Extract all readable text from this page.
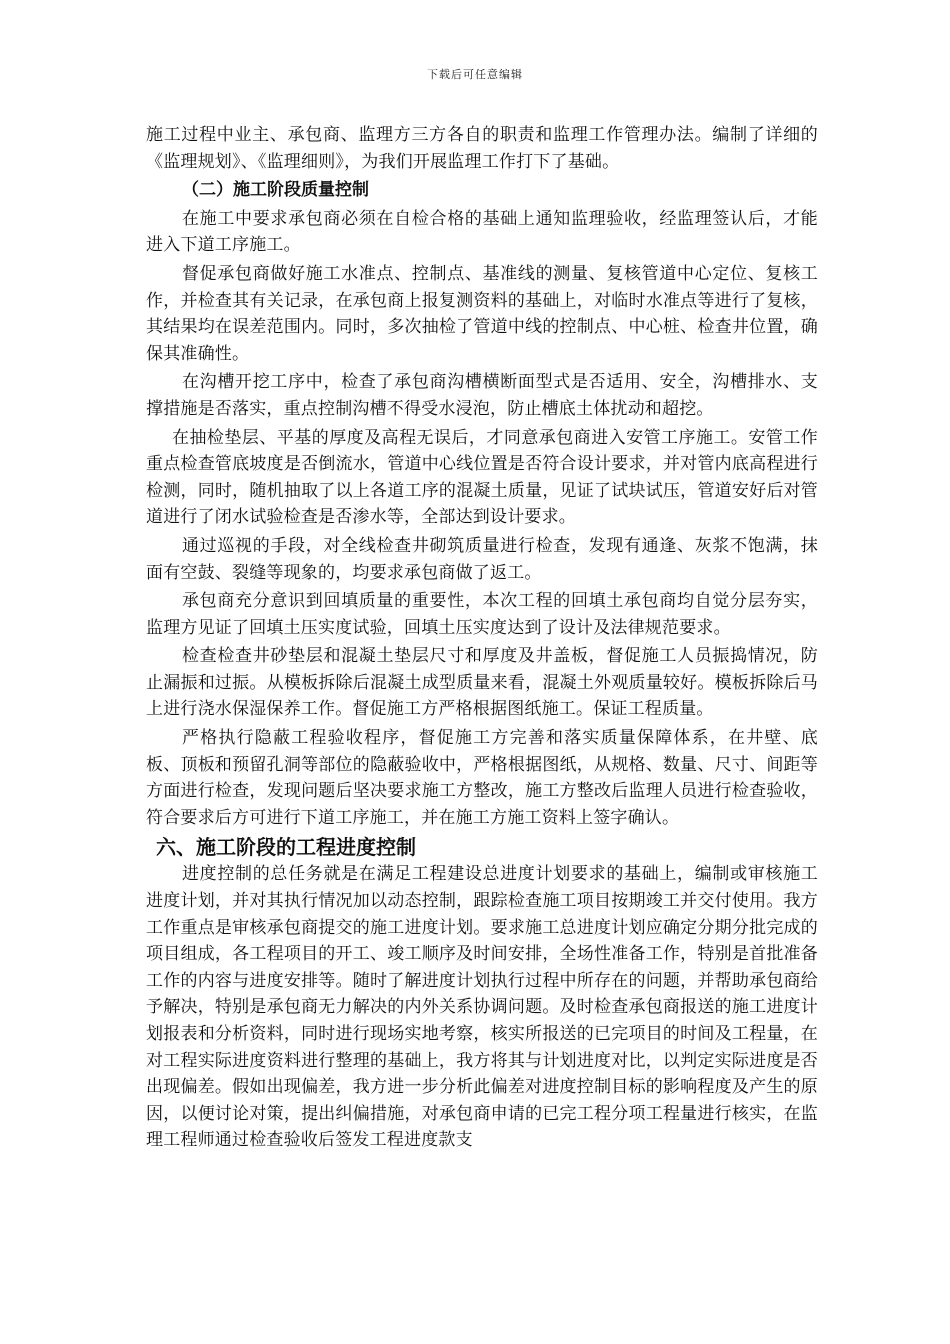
下载后可任意编辑

施工过程中业主、承包商、监理方三方各自的职责和监理工作管理办法。编制了详细的《监理规划》、《监理细则》，为我们开展监理工作打下了基础。

（二）施工阶段质量控制

在施工中要求承包商必须在自检合格的基础上通知监理验收，经监理签认后，才能进入下道工序施工。

督促承包商做好施工水准点、控制点、基准线的测量、复核管道中心定位、复核工作，并检查其有关记录，在承包商上报复测资料的基础上，对临时水准点等进行了复核，其结果均在误差范围内。同时，多次抽检了管道中线的控制点、中心桩、检查井位置，确保其准确性。

在沟槽开挖工序中，检查了承包商沟槽横断面型式是否适用、安全，沟槽排水、支撑措施是否落实，重点控制沟槽不得受水浸泡，防止槽底土体扰动和超挖。

在抽检垫层、平基的厚度及高程无误后，才同意承包商进入安管工序施工。安管工作重点检查管底坡度是否倒流水，管道中心线位置是否符合设计要求，并对管内底高程进行检测，同时，随机抽取了以上各道工序的混凝土质量，见证了试块试压，管道安好后对管道进行了闭水试验检查是否渗水等，全部达到设计要求。

通过巡视的手段，对全线检查井砌筑质量进行检查，发现有通逢、灰浆不饱满，抹面有空鼓、裂缝等现象的，均要求承包商做了返工。

承包商充分意识到回填质量的重要性，本次工程的回填土承包商均自觉分层夯实，监理方见证了回填土压实度试验，回填土压实度达到了设计及法律规范要求。

检查检查井砂垫层和混凝土垫层尺寸和厚度及井盖板，督促施工人员振捣情况，防止漏振和过振。从模板拆除后混凝土成型质量来看，混凝土外观质量较好。模板拆除后马上进行浇水保湿保养工作。督促施工方严格根据图纸施工。保证工程质量。

严格执行隐蔽工程验收程序，督促施工方完善和落实质量保障体系，在井壁、底板、顶板和预留孔洞等部位的隐蔽验收中，严格根据图纸，从规格、数量、尺寸、间距等方面进行检查，发现问题后坚决要求施工方整改，施工方整改后监理人员进行检查验收，符合要求后方可进行下道工序施工，并在施工方施工资料上签字确认。

六、施工阶段的工程进度控制

进度控制的总任务就是在满足工程建设总进度计划要求的基础上，编制或审核施工进度计划，并对其执行情况加以动态控制，跟踪检查施工项目按期竣工并交付使用。我方工作重点是审核承包商提交的施工进度计划。要求施工总进度计划应确定分期分批完成的项目组成，各工程项目的开工、竣工顺序及时间安排，全场性准备工作，特别是首批准备工作的内容与进度安排等。随时了解进度计划执行过程中所存在的问题，并帮助承包商给予解决，特别是承包商无力解决的内外关系协调问题。及时检查承包商报送的施工进度计划报表和分析资料，同时进行现场实地考察，核实所报送的已完项目的时间及工程量，在对工程实际进度资料进行整理的基础上，我方将其与计划进度对比，以判定实际进度是否出现偏差。假如出现偏差，我方进一步分析此偏差对进度控制目标的影响程度及产生的原因，以便讨论对策，提出纠偏措施，对承包商申请的已完工程分项工程量进行核实，在监理工程师通过检查验收后签发工程进度款支
